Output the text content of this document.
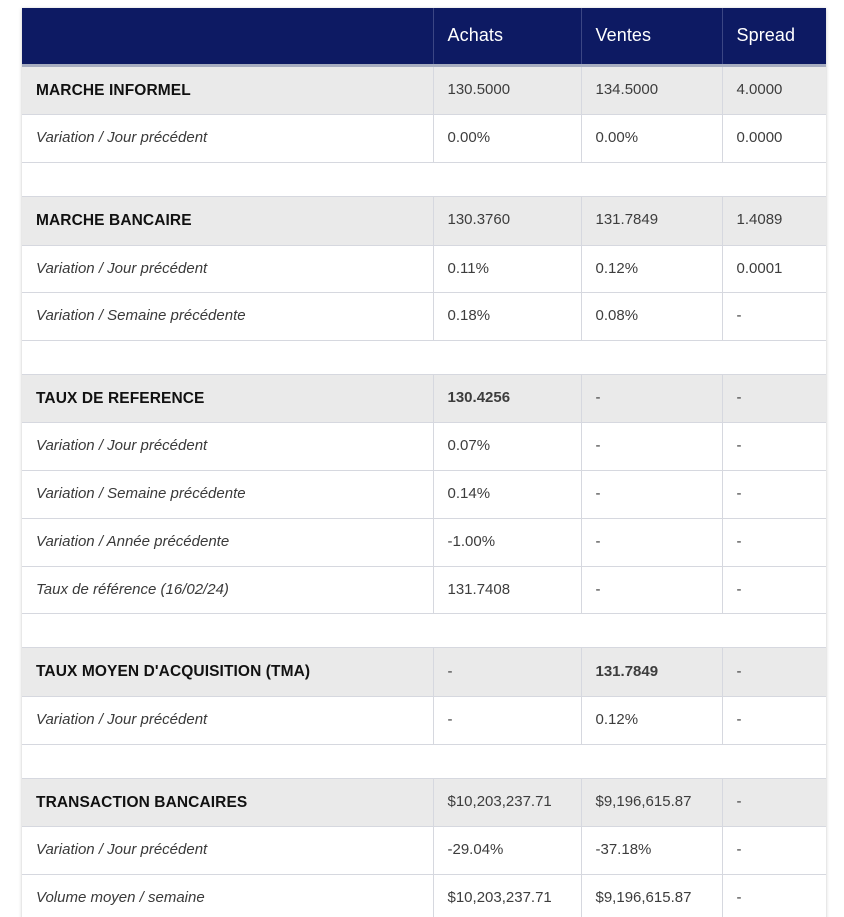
	Achats	Ventes	Spread
MARCHE INFORMEL	130.5000	134.5000	4.0000
Variation / Jour précédent	0.00%	0.00%	0.0000

MARCHE BANCAIRE	130.3760	131.7849	1.4089
Variation / Jour précédent	0.11%	0.12%	0.0001
Variation / Semaine précédente	0.18%	0.08%	-

TAUX DE REFERENCE	130.4256	-	-
Variation / Jour précédent	0.07%	-	-
Variation / Semaine précédente	0.14%	-	-
Variation / Année précédente	-1.00%	-	-
Taux de référence (16/02/24)	131.7408	-	-

TAUX MOYEN D'ACQUISITION (TMA)	-	131.7849	-
Variation / Jour précédent	-	0.12%	-

TRANSACTION BANCAIRES	$10,203,237.71	$9,196,615.87	-
Variation / Jour précédent	-29.04%	-37.18%	-
Volume moyen / semaine	$10,203,237.71	$9,196,615.87	-
